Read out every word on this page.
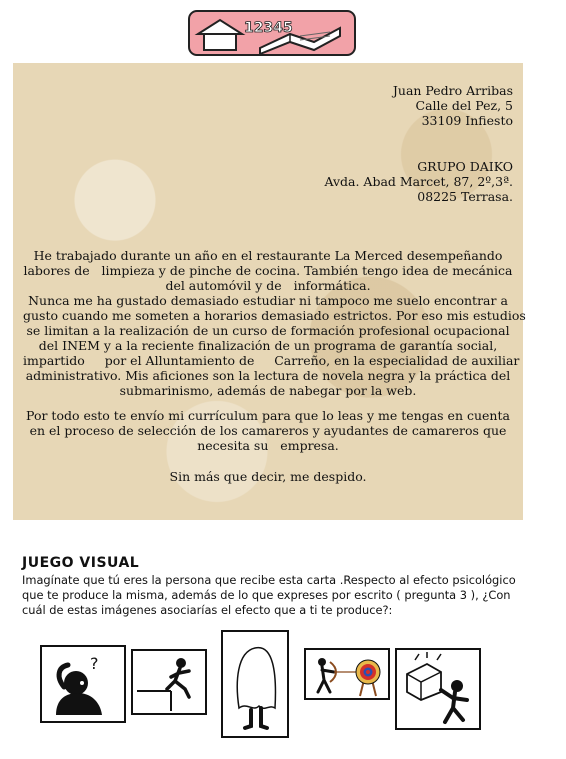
12345
Juan Pedro Arribas
Calle del Pez, 5
33109 Infiesto
GRUPO DAIKO
Avda. Abad Marcet, 87, 2º,3ª.
08225 Terrasa.

He trabajado durante un año en el restaurante La Merced desempeñando

labores de   limpieza y de pinche de cocina. También tengo idea de mecánica

del automóvil y de   informática.

Nunca me ha gustado demasiado estudiar ni tampoco me suelo encontrar a

gusto cuando me someten a horarios demasiado estrictos. Por eso mis estudios

se limitan a la realización de un curso de formación profesional ocupacional

del INEM y a la reciente finalización de un programa de garantía social,

impartido     por el Alluntamiento de     Carreño, en la especialidad de auxiliar

administrativo. Mis aficiones son la lectura de novela negra y la práctica del

submarinismo, además de nabegar por la web.

Por todo esto te envío mi currículum para que lo leas y me tengas en cuenta

en el proceso de selección de los camareros y ayudantes de camareros que

necesita su   empresa.

Sin más que decir, me despido.

JUEGO VISUAL
Imagínate que tú eres la persona que recibe esta carta .Respecto al efecto psicológico
que te produce la misma, además de lo que expreses por escrito ( pregunta 3 ), ¿Con
cuál de estas imágenes asociarías el efecto que a ti te produce?:
?
